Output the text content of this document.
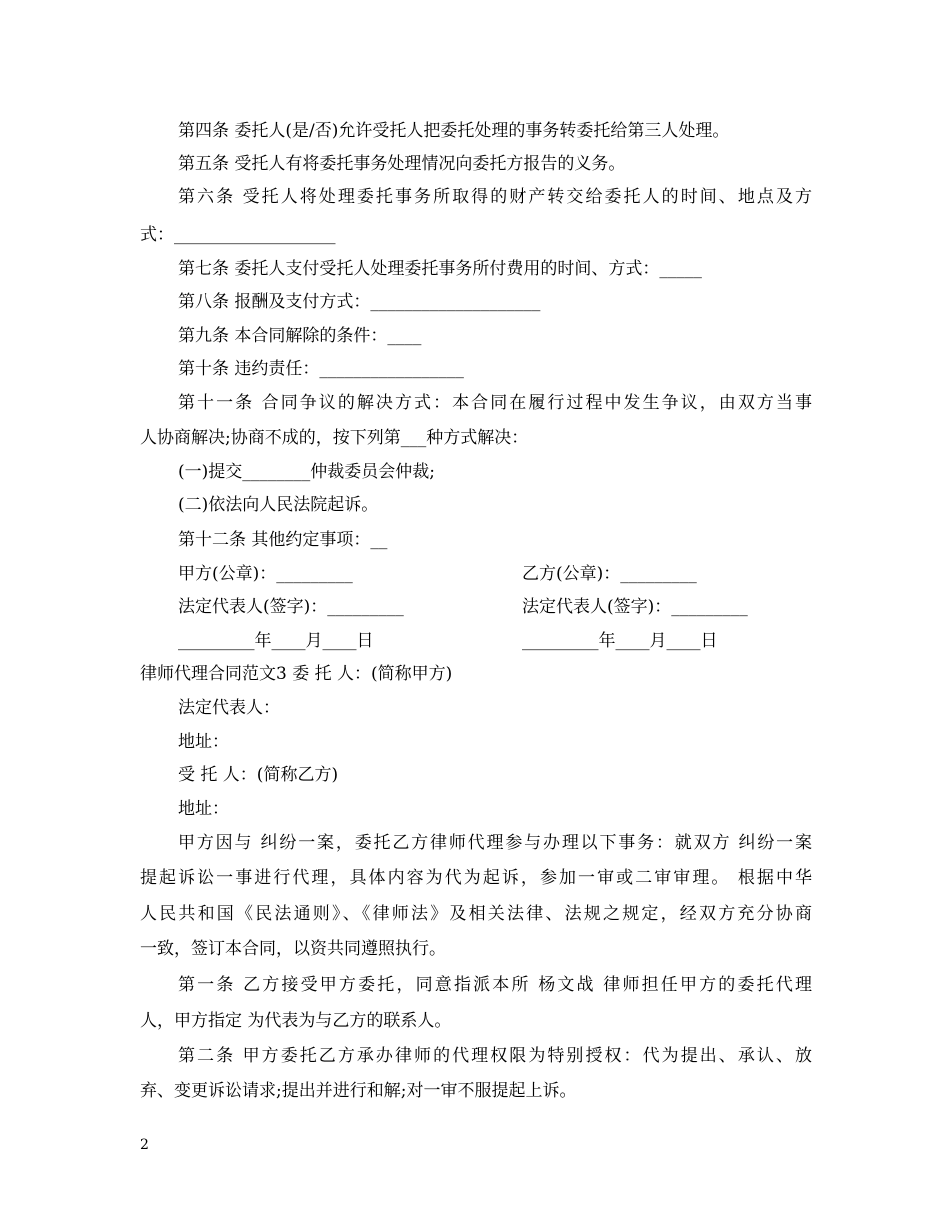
第四条 委托人(是/否)允许受托人把委托处理的事务转委托给第三人处理。
第五条 受托人有将委托事务处理情况向委托方报告的义务。
第六条 受托人将处理委托事务所取得的财产转交给委托人的时间、地点及方
式：___________________
第七条 委托人支付受托人处理委托事务所付费用的时间、方式：_____
第八条 报酬及支付方式：____________________
第九条 本合同解除的条件：____
第十条 违约责任：_________________
第十一条 合同争议的解决方式：本合同在履行过程中发生争议，由双方当事
人协商解决;协商不成的，按下列第___种方式解决：
(一)提交________仲裁委员会仲裁;
(二)依法向人民法院起诉。
第十二条 其他约定事项：__
甲方(公章)：_________	乙方(公章)：_________
法定代表人(签字)：_________	法定代表人(签字)：_________
_________年____月____日	_________年____月____日
律师代理合同范文3 委 托 人：(简称甲方)
法定代表人：
地址：
受 托 人：(简称乙方)
地址：
甲方因与 纠纷一案，委托乙方律师代理参与办理以下事务：就双方 纠纷一案
提起诉讼一事进行代理，具体内容为代为起诉，参加一审或二审审理。 根据中华
人民共和国《民法通则》、《律师法》及相关法律、法规之规定，经双方充分协商
一致，签订本合同，以资共同遵照执行。
第一条 乙方接受甲方委托，同意指派本所 杨文战 律师担任甲方的委托代理
人，甲方指定 为代表为与乙方的联系人。
第二条 甲方委托乙方承办律师的代理权限为特别授权：代为提出、承认、放
弃、变更诉讼请求;提出并进行和解;对一审不服提起上诉。
2
